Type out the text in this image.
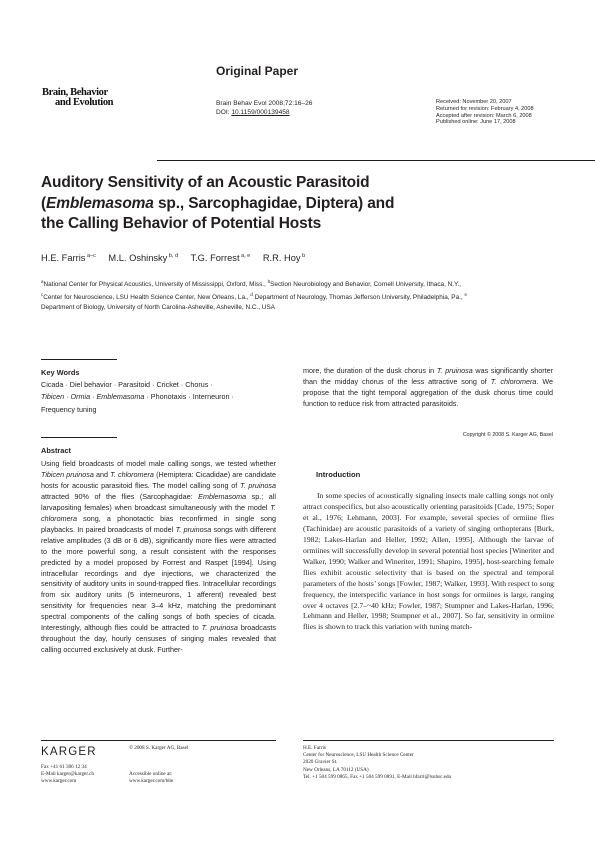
Original Paper
Brain, Behavior
and Evolution	Brain Behav Evol 2008;72:16–26
DOI: 10.1159/000139458
Received: November 20, 2007
Returned for revision: February 4, 2008
Accepted after revision: March 6, 2008
Published online: June 17, 2008
Auditory Sensitivity of an Acoustic Parasitoid
(Emblemasoma sp., Sarcophagidae, Diptera) and
the Calling Behavior of Potential Hosts
H.E. Farris $^{a-c}$ M.L. Oshinsky $^{b, d}$ T.G. Forrest $^{a, e}$ R.R. Hoy $^b$
$^a$National Center for Physical Acoustics, University of Mississippi, Oxford, Miss., $^b$Section Neurobiology and Behavior, Cornell University, Ithaca, N.Y., $^c$Center for Neuroscience, LSU Health Science Center, New Orleans, La., $^d$ Department of Neurology, Thomas Jefferson University, Philadelphia, Pa., $^e$ Department of Biology, University of North Carolina-Asheville, Asheville, N.C., USA
Key Words
Cicada · Diel behavior · Parasitoid · Cricket · Chorus ·
Tibicen · Ormia · Emblemasoma · Phonotaxis · Interneuron ·
Frequency tuning
Abstract
Using field broadcasts of model male calling songs, we tested whether Tibicen pruinosa and T. chloromera (Hemiptera: Cicadidae) are candidate hosts for acoustic parasitoid flies. The model calling song of T. pruinosa attracted 90% of the flies (Sarcophagidae: Emblemasoma sp.; all larvapositing females) when broadcast simultaneously with the model T. chloromera song, a phonotactic bias reconfirmed in single song playbacks. In paired broadcasts of model T. pruinosa songs with different relative amplitudes (3 dB or 6 dB), significantly more flies were attracted to the more powerful song, a result consistent with the responses predicted by a model proposed by Forrest and Raspet [1994]. Using intracellular recordings and dye injections, we characterized the sensitivity of auditory units in sound-trapped flies. Intracellular recordings from six auditory units (5 interneurons, 1 afferent) revealed best sensitivity for frequencies near 3–4 kHz, matching the predominant spectral components of the calling songs of both species of cicada. Interestingly, although flies could be attracted to T. pruinosa broadcasts throughout the day, hourly censuses of singing males revealed that calling occurred exclusively at dusk. Further-
more, the duration of the dusk chorus in T. pruinosa was significantly shorter than the midday chorus of the less attractive song of T. chloromera. We propose that the tight temporal aggregation of the dusk chorus time could function to reduce risk from attracted parasitoids.
Copyright © 2008 S. Karger AG, Basel
Introduction

In some species of acoustically signaling insects male calling songs not only attract conspecifics, but also acoustically orienting parasitoids [Cade, 1975; Soper et al., 1976; Lehmann, 2003]. For example, several species of ormiine flies (Tachinidae) are acoustic parasitoids of a variety of singing orthopterans [Burk, 1982; Lakes-Harlan and Heller, 1992; Allen, 1995]. Although the larvae of ormiines will successfully develop in several potential host species [Wineriter and Walker, 1990; Walker and Wineriter, 1991; Shapiro, 1995], host-searching female flies exhibit acoustic selectivity that is based on the spectral and temporal parameters of the hosts’ songs [Fowler, 1987; Walker, 1993]. With respect to song frequency, the interspecific variance in host songs for ormiines is large, ranging over 4 octaves [2.7–~40 kHz; Fowler, 1987; Stumpner and Lakes-Harlan, 1996; Lehmann and Heller, 1998; Stumpner et al., 2007]. So far, sensitivity in ormiine flies is shown to track this variation with tuning match-

KARGER
Fax +41 61 306 12 34
E-Mail karger@karger.ch
www.karger.com
© 2008 S. Karger AG, Basel
Accessible online at:
www.karger.com/bbe
H.E. Farris
Center for Neuroscience, LSU Health Science Center
2020 Gravier St.
New Orleans, LA 70112 (USA)
Tel. +1 504 599 0865, Fax +1 504 599 0891, E-Mail hfarri@lsuhsc.edu
